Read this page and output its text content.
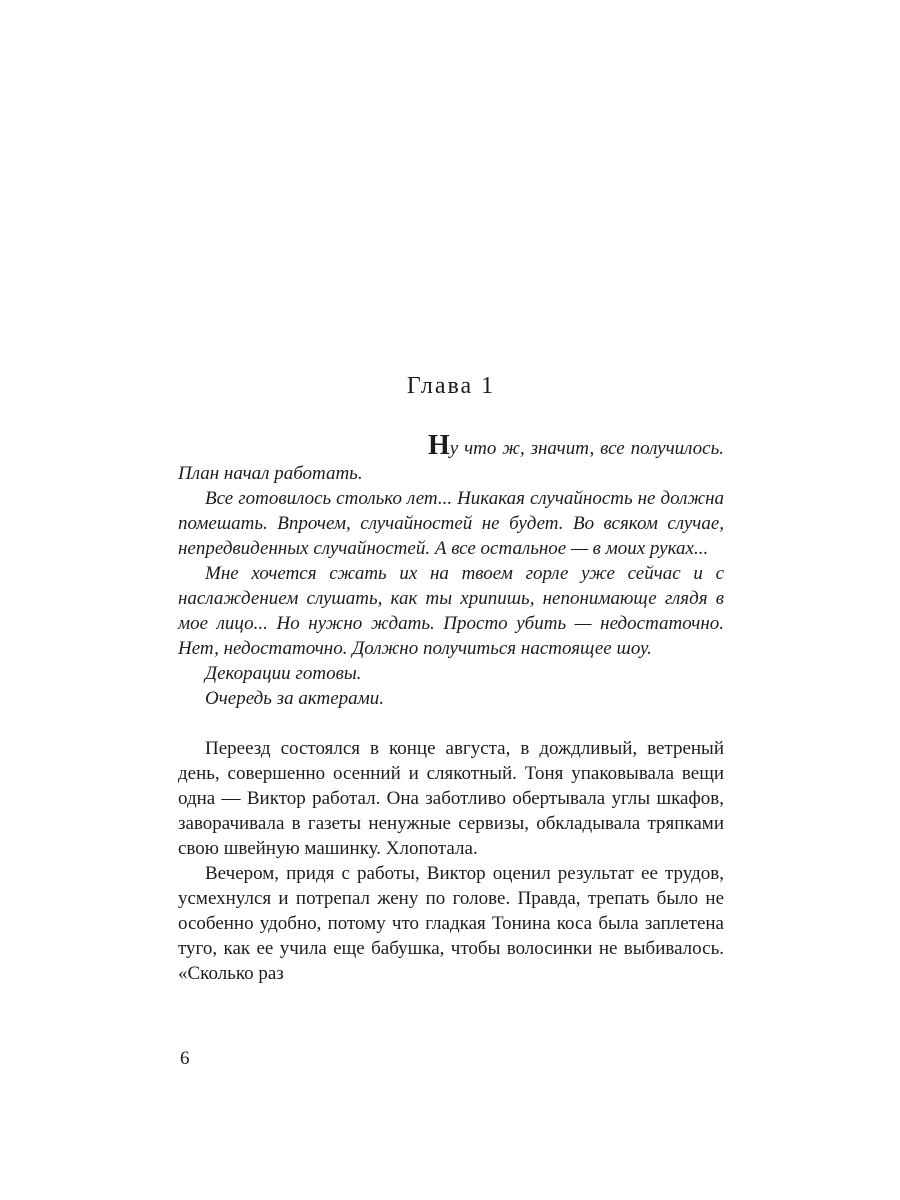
Глава 1

Ну что ж, значит, все получилось. План начал работать.

Все готовилось столько лет... Никакая случайность не должна помешать. Впрочем, случайностей не будет. Во всяком случае, непредвиденных случайностей. А все остальное — в моих руках...

Мне хочется сжать их на твоем горле уже сейчас и с наслаждением слушать, как ты хрипишь, непонимающе глядя в мое лицо... Но нужно ждать. Просто убить — недостаточно. Нет, недостаточно. Должно получиться настоящее шоу.

Декорации готовы.

Очередь за актерами.

Переезд состоялся в конце августа, в дождливый, ветреный день, совершенно осенний и слякотный. Тоня упаковывала вещи одна — Виктор работал. Она заботливо обертывала углы шкафов, заворачивала в газеты ненужные сервизы, обкладывала тряпками свою швейную машинку. Хлопотала.

Вечером, придя с работы, Виктор оценил результат ее трудов, усмехнулся и потрепал жену по голове. Правда, трепать было не особенно удобно, потому что гладкая Тонина коса была заплетена туго, как ее учила еще бабушка, чтобы волосинки не выбивалось. «Сколько раз

6
